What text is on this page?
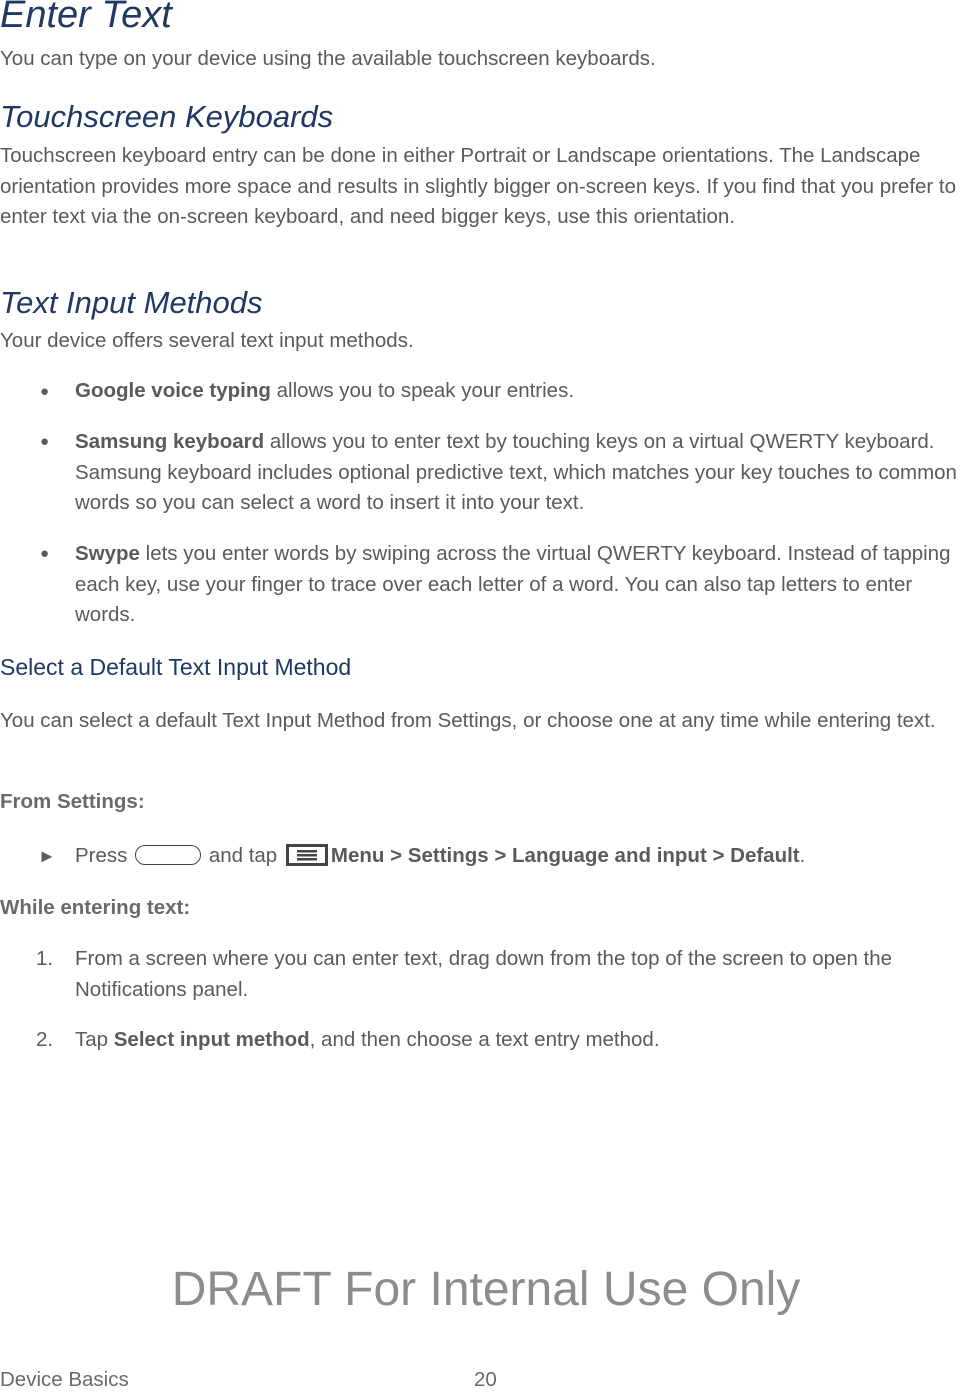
Enter Text

You can type on your device using the available touchscreen keyboards.

Touchscreen Keyboards

Touchscreen keyboard entry can be done in either Portrait or Landscape orientations. The Landscape orientation provides more space and results in slightly bigger on-screen keys. If you find that you prefer to enter text via the on-screen keyboard, and need bigger keys, use this orientation.

Text Input Methods

Your device offers several text input methods.

● Google voice typing allows you to speak your entries.

● Samsung keyboard allows you to enter text by touching keys on a virtual QWERTY keyboard. Samsung keyboard includes optional predictive text, which matches your key touches to common words so you can select a word to insert it into your text.

● Swype lets you enter words by swiping across the virtual QWERTY keyboard. Instead of tapping each key, use your finger to trace over each letter of a word. You can also tap letters to enter words.

Select a Default Text Input Method

You can select a default Text Input Method from Settings, or choose one at any time while entering text.

From Settings:
► Press	and tap	Menu > Settings > Language and input > Default.

While entering text:
1. From a screen where you can enter text, drag down from the top of the screen to open the Notifications panel.

2. Tap Select input method, and then choose a text entry method.

DRAFT For Internal Use Only
Device Basics	20
